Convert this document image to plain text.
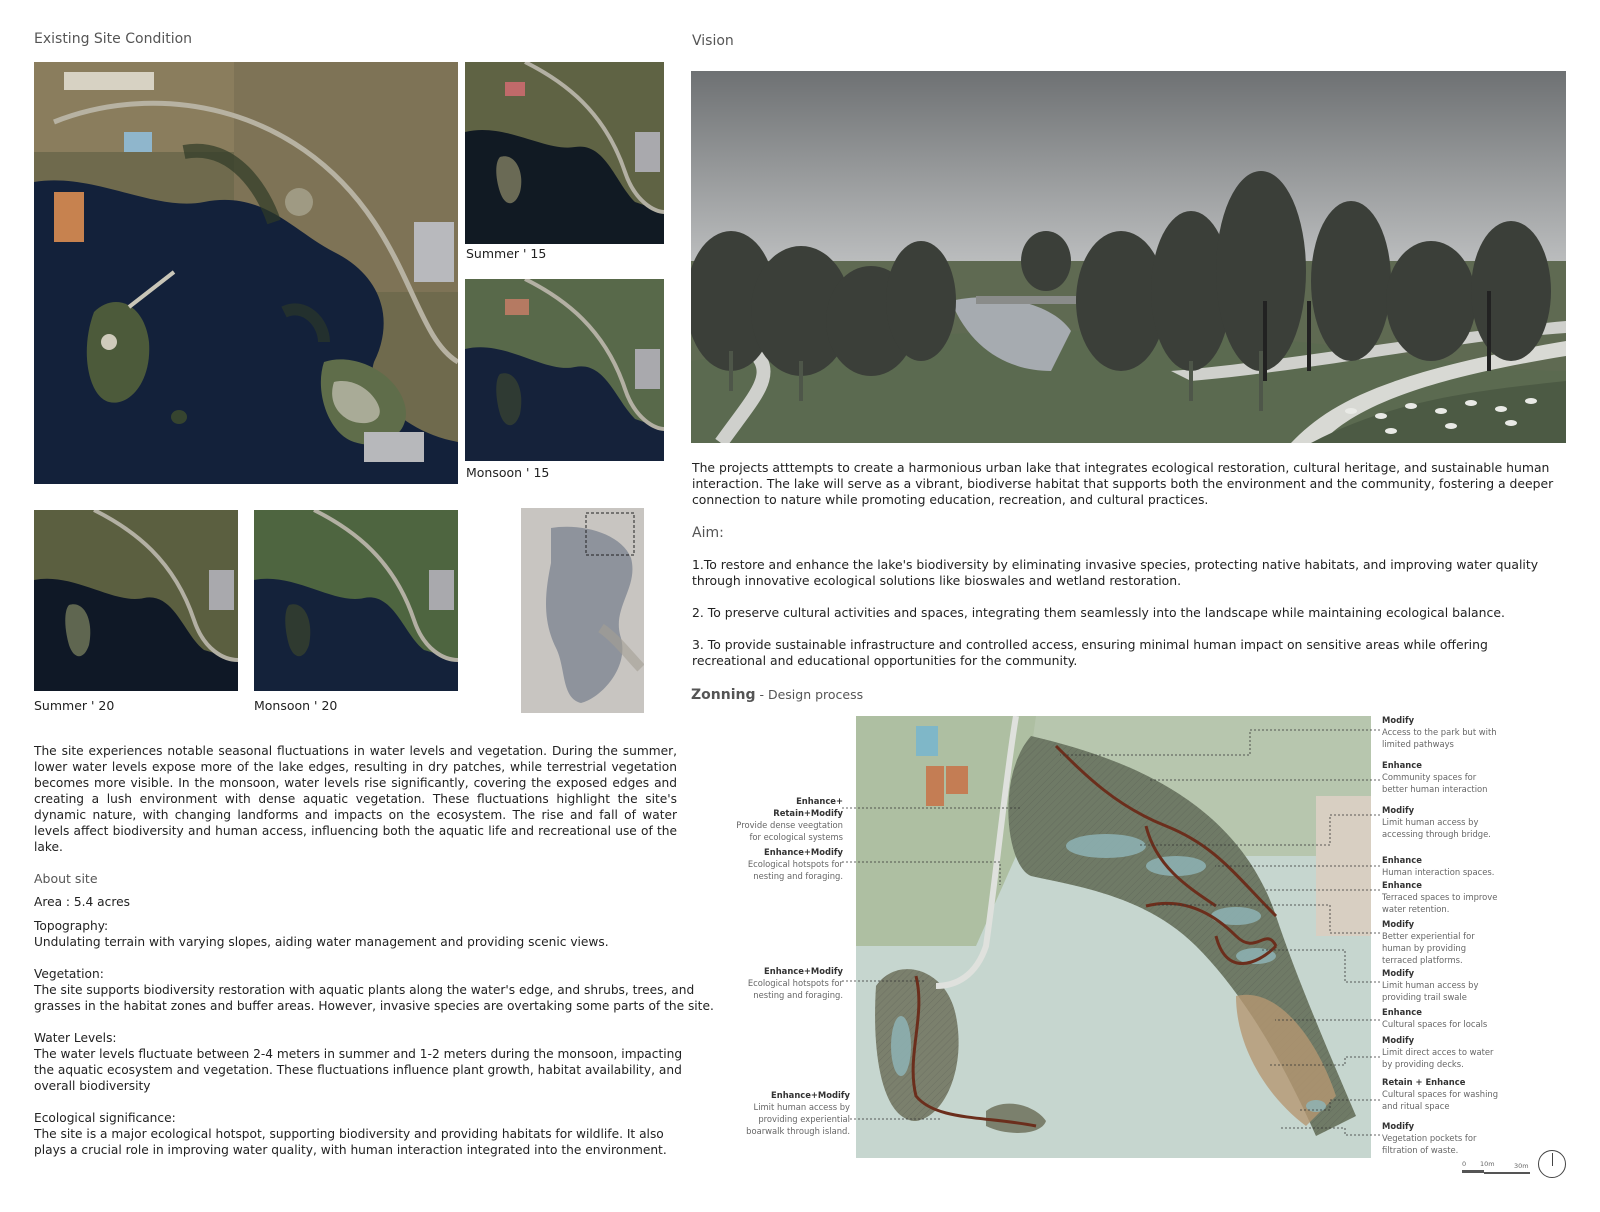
Existing Site Condition
Summer ' 15
Monsoon ' 15
Summer ' 20	Monsoon ' 20
The site experiences notable seasonal fluctuations in water levels and vegetation. During the summer, lower water levels expose more of the lake edges, resulting in dry patches, while terrestrial vegetation becomes more visible. In the monsoon, water levels rise significantly, covering the exposed edges and creating a lush environment with dense aquatic vegetation. These fluctuations highlight the site's dynamic nature, with changing landforms and impacts on the ecosystem. The rise and fall of water levels affect biodiversity and human access, influencing both the aquatic life and recreational use of the lake.
About site
Area : 5.4 acres
Topography:
Undulating terrain with varying slopes, aiding water management and providing scenic views.
Vegetation:
The site supports biodiversity restoration with aquatic plants along the water's edge, and shrubs, trees, and grasses in the habitat zones and buffer areas. However, invasive species are overtaking some parts of the site.
Water Levels:
The water levels fluctuate between 2-4 meters in summer and 1-2 meters during the monsoon, impacting the aquatic ecosystem and vegetation. These fluctuations influence plant growth, habitat availability, and overall biodiversity
Ecological significance:
The site is a major ecological hotspot, supporting biodiversity and providing habitats for wildlife. It also plays a crucial role in improving water quality, with human interaction integrated into the environment.
Vision
The projects atttempts to create a harmonious urban lake that integrates ecological restoration, cultural heritage, and sustainable human interaction. The lake will serve as a vibrant, biodiverse habitat that supports both the environment and the community, fostering a deeper connection to nature while promoting education, recreation, and cultural practices.
Aim:
1.To restore and enhance the lake's biodiversity by eliminating invasive species, protecting native habitats, and improving water quality through innovative ecological solutions like bioswales and wetland restoration.
2. To preserve cultural activities and spaces, integrating them seamlessly into the landscape while maintaining ecological balance.
3. To provide sustainable infrastructure and controlled access, ensuring minimal human impact on sensitive areas while offering recreational and educational opportunities for the community.
Zonning - Design process
Enhance+ Retain+Modify
Provide dense veegtation for ecological systems
Enhance+Modify
Ecological hotspots for nesting and foraging.
Enhance+Modify
Ecological hotspots for nesting and foraging.
Enhance+Modify
Limit human access by providing experiential boarwalk through island.
Modify
Access to the park but with limited pathways
Enhance
Community spaces for better human interaction
Modify
Limit human access by accessing through bridge.
Enhance
Human interaction spaces.
Enhance
Terraced spaces to improve water retention.
Modify
Better experiential for human by providing terraced platforms.
Modify
Limit human access by providing trail swale
Enhance
Cultural spaces for locals
Modify
Limit direct acces to water by providing decks.
Retain + Enhance
Cultural spaces for washing and ritual space
Modify
Vegetation pockets for filtration of waste.
0 10m	30m
